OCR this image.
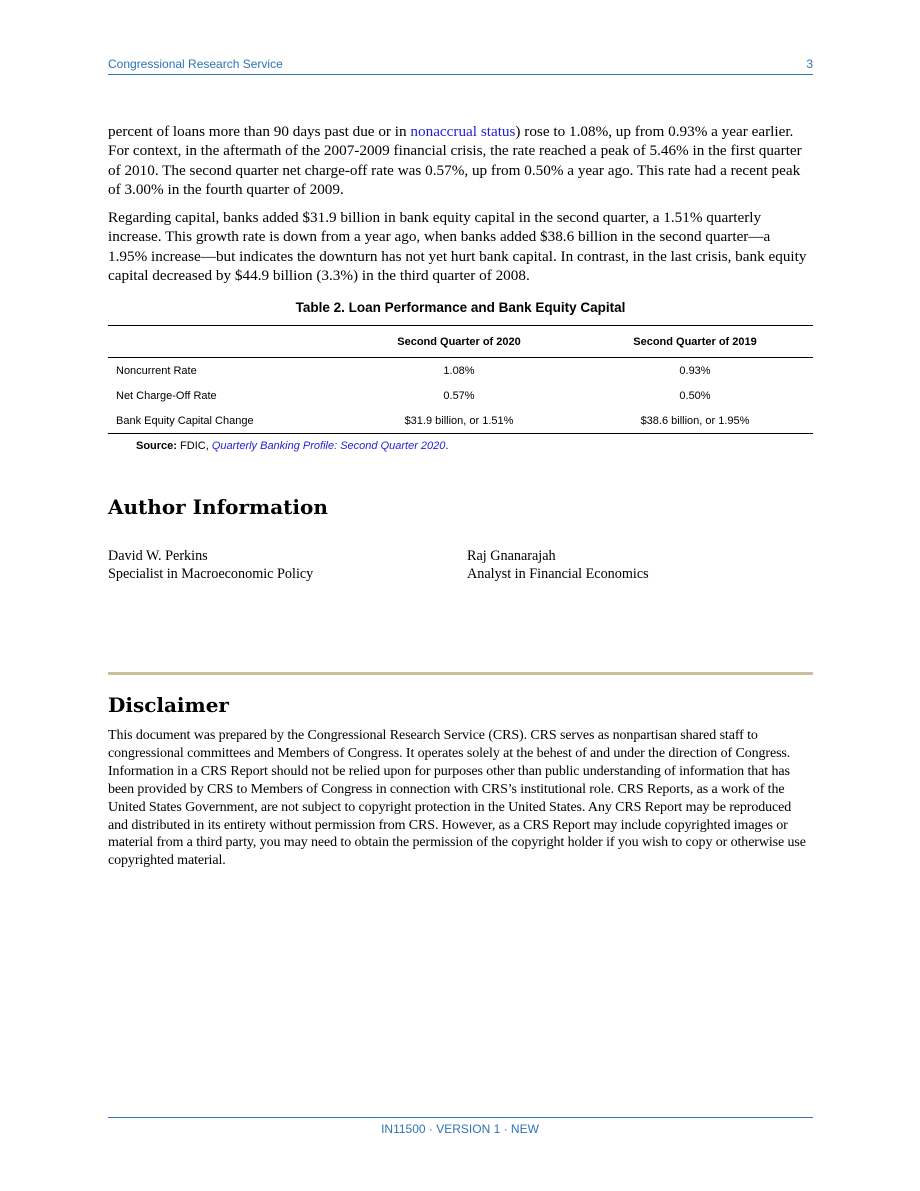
Congressional Research Service	3

percent of loans more than 90 days past due or in nonaccrual status) rose to 1.08%, up from 0.93% a year earlier. For context, in the aftermath of the 2007-2009 financial crisis, the rate reached a peak of 5.46% in the first quarter of 2010. The second quarter net charge-off rate was 0.57%, up from 0.50% a year ago. This rate had a recent peak of 3.00% in the fourth quarter of 2009.

Regarding capital, banks added $31.9 billion in bank equity capital in the second quarter, a 1.51% quarterly increase. This growth rate is down from a year ago, when banks added $38.6 billion in the second quarter—a 1.95% increase—but indicates the downturn has not yet hurt bank capital. In contrast, in the last crisis, bank equity capital decreased by $44.9 billion (3.3%) in the third quarter of 2008.

Table 2. Loan Performance and Bank Equity Capital
	Second Quarter of 2020	Second Quarter of 2019
Noncurrent Rate	1.08%	0.93%
Net Charge-Off Rate	0.57%	0.50%
Bank Equity Capital Change	$31.9 billion, or 1.51%	$38.6 billion, or 1.95%
Source: FDIC, Quarterly Banking Profile: Second Quarter 2020.
Author Information
David W. Perkins
Specialist in Macroeconomic Policy
Raj Gnanarajah
Analyst in Financial Economics
Disclaimer

This document was prepared by the Congressional Research Service (CRS). CRS serves as nonpartisan shared staff to congressional committees and Members of Congress. It operates solely at the behest of and under the direction of Congress. Information in a CRS Report should not be relied upon for purposes other than public understanding of information that has been provided by CRS to Members of Congress in connection with CRS’s institutional role. CRS Reports, as a work of the United States Government, are not subject to copyright protection in the United States. Any CRS Report may be reproduced and distributed in its entirety without permission from CRS. However, as a CRS Report may include copyrighted images or material from a third party, you may need to obtain the permission of the copyright holder if you wish to copy or otherwise use copyrighted material.

IN11500 · VERSION 1 · NEW
